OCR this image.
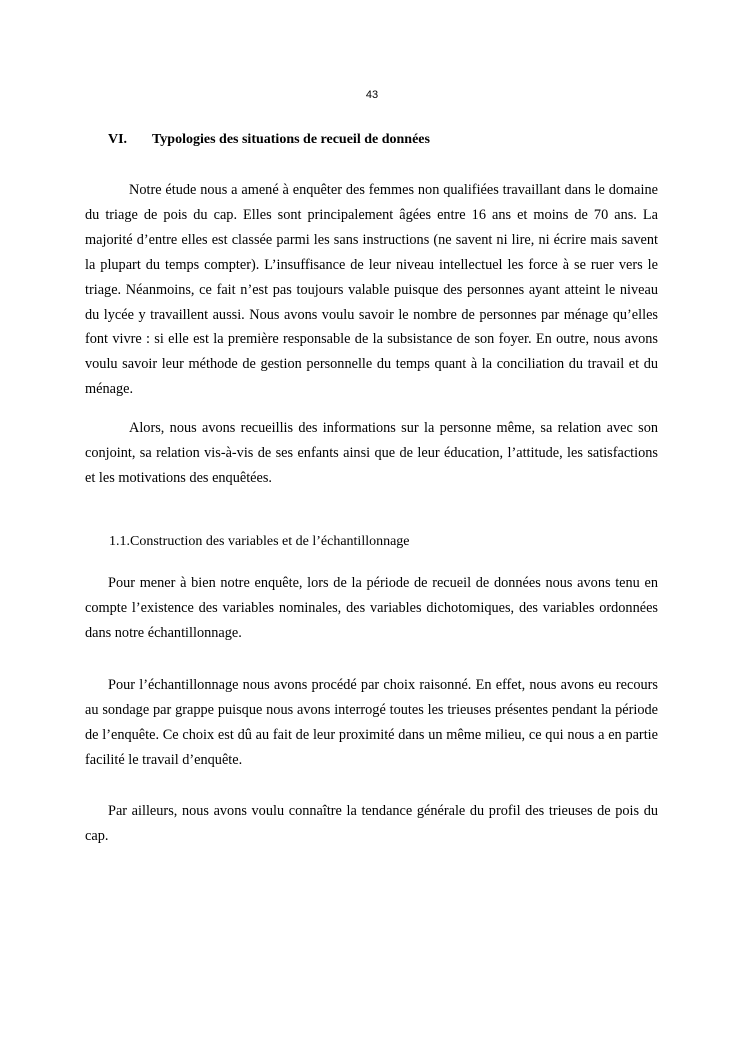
43
VI. Typologies des situations de recueil de données

Notre étude nous a amené à enquêter des femmes non qualifiées travaillant dans le domaine du triage de pois du cap. Elles sont principalement âgées entre 16 ans et moins de 70 ans. La majorité d’entre elles est classée parmi les sans instructions (ne savent ni lire, ni écrire mais savent la plupart du temps compter). L’insuffisance de leur niveau intellectuel les force à se ruer vers le triage. Néanmoins, ce fait n’est pas toujours valable puisque des personnes ayant atteint le niveau du lycée y travaillent aussi. Nous avons voulu savoir le nombre de personnes par ménage qu’elles font vivre : si elle est la première responsable de la subsistance de son foyer. En outre, nous avons voulu savoir leur méthode de gestion personnelle du temps quant à la conciliation du travail et du ménage.

Alors, nous avons recueillis des informations sur la personne même, sa relation avec son conjoint, sa relation vis-à-vis de ses enfants ainsi que de leur éducation, l’attitude, les satisfactions et les motivations des enquêtées.

1.1.Construction des variables et de l’échantillonnage

Pour mener à bien notre enquête, lors de la période de recueil de données nous avons tenu en compte l’existence des variables nominales, des variables dichotomiques, des variables ordonnées dans notre échantillonnage.

Pour l’échantillonnage nous avons procédé par choix raisonné. En effet, nous avons eu recours au sondage par grappe puisque nous avons interrogé toutes les trieuses présentes pendant la période de l’enquête. Ce choix est dû au fait de leur proximité dans un même milieu, ce qui nous a en partie facilité le travail d’enquête.

Par ailleurs, nous avons voulu connaître la tendance générale du profil des trieuses de pois du cap.
